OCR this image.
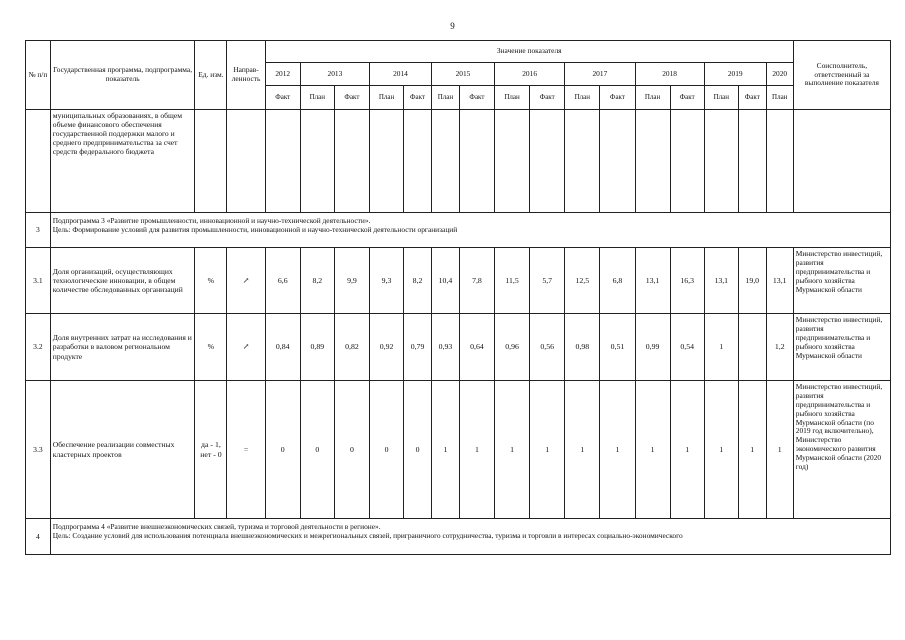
9
№ п/п	Государственная программа, подпрограмма, показатель	Ед. изм.	Направ-ленность	Значение показателя																Соисполнитель, ответственный за выполнение показателя
				2012	2013		2014		2015		2016		2017		2018		2019		2020	
				Факт	План	Факт	План	Факт	План	Факт	План	Факт	План	Факт	План	Факт	План	Факт	План	
	муниципальных образованиях, в общем объеме финансового обеспечения государственной поддержки малого и среднего предпринимательства за счет средств федерального бюджета																			
3	Подпрограмма 3 «Развитие промышленности, инновационной и научно-технической деятельности».
Цель: Формирование условий для развития промышленности, инновационной и научно-технической деятельности организаций																			

3.1	Доля организаций, осуществляющих технологические инновации, в общем количестве обследованных организаций	%	↗	6,6	8,2	9,9	9,3	8,2	10,4	7,8	11,5	5,7	12,5	6,8	13,1	16,3	13,1	19,0	13,1	Министерство инвестиций, развития предпринимательства и рыбного хозяйства Мурманской области
3.2	Доля внутренних затрат на исследования и разработки в валовом региональном продукте	%	↗	0,84	0,89	0,82	0,92	0,79	0,93	0,64	0,96	0,56	0,98	0,51	0,99	0,54	1		1,2	Министерство инвестиций, развития предпринимательства и рыбного хозяйства Мурманской области
3.3	Обеспечение реализации совместных кластерных проектов	да - 1, нет - 0	=	0	0	0	0	0	1	1	1	1	1	1	1	1	1	1	1	Министерство инвестиций, развития предпринимательства и рыбного хозяйства Мурманской области (по 2019 год включительно), Министерство экономического развития Мурманской области (2020 год)
4	Подпрограмма 4 «Развитие внешнеэкономических связей, туризма и торговой деятельности в регионе».
Цель: Создание условий для использования потенциала внешнеэкономических и межрегиональных связей, приграничного сотрудничества, туризма и торговли в интересах социально-экономического																			
